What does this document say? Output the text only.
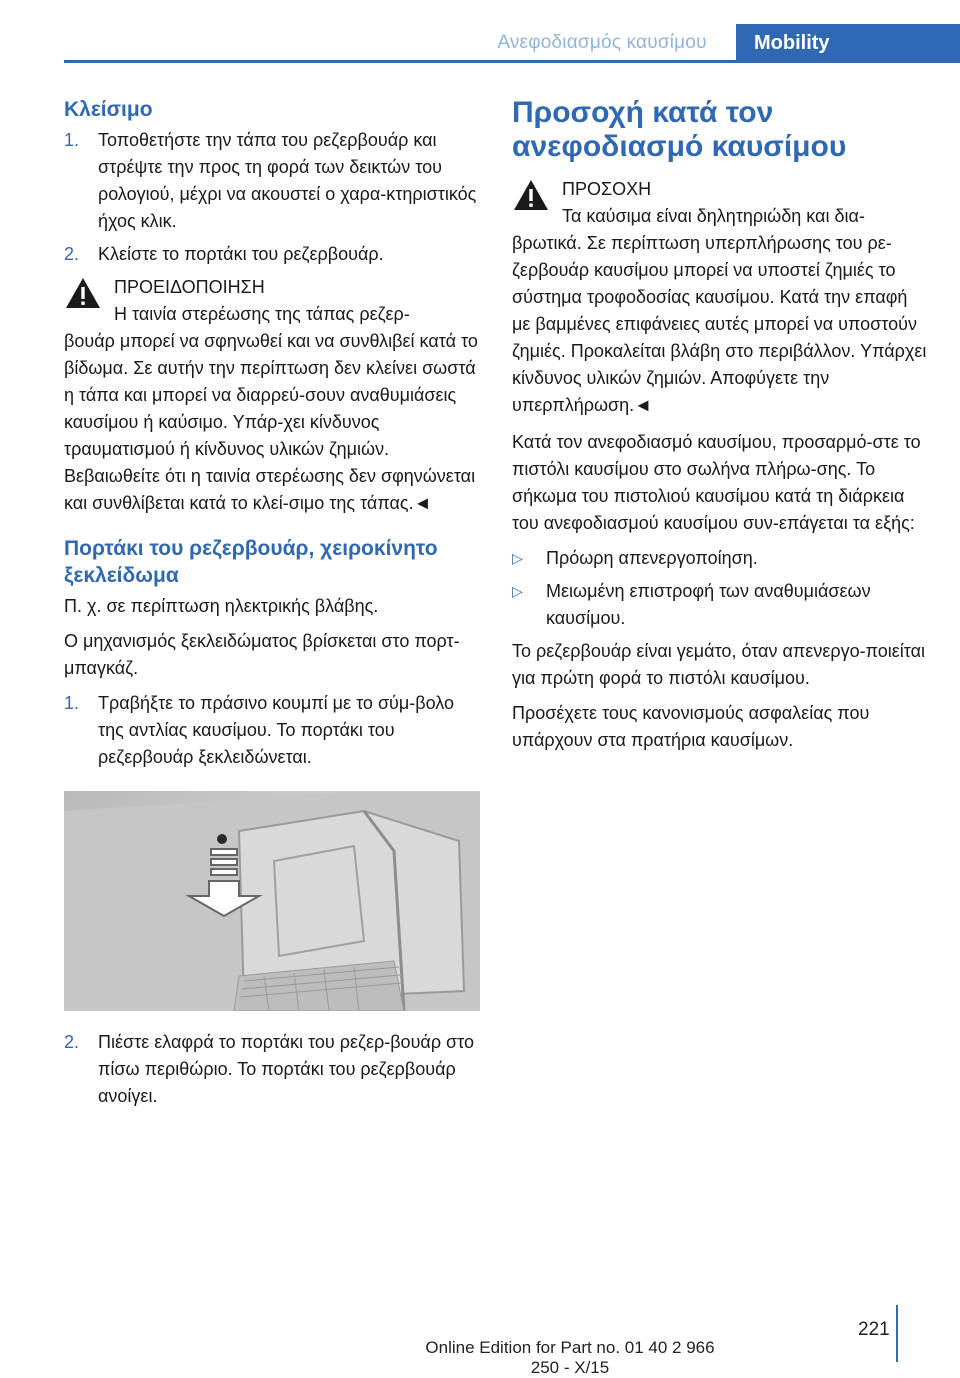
Ανεφοδιασμός καυσίμου	Mobility
Κλείσιμο
1.	Τοποθετήστε την τάπα του ρεζερβουάρ και στρέψτε την προς τη φορά των δεικτών του ρολογιού, μέχρι να ακουστεί ο χαρα‐κτηριστικός ήχος κλικ.
2.	Κλείστε το πορτάκι του ρεζερβουάρ.
ΠΡΟΕΙΔΟΠΟΙΗΣΗ
Η ταινία στερέωσης της τάπας ρεζερ‐
βουάρ μπορεί να σφηνωθεί και να συνθλιβεί κατά το βίδωμα. Σε αυτήν την περίπτωση δεν κλείνει σωστά η τάπα και μπορεί να διαρρεύ‐σουν αναθυμιάσεις καυσίμου ή καύσιμο. Υπάρ‐χει κίνδυνος τραυματισμού ή κίνδυνος υλικών ζημιών. Βεβαιωθείτε ότι η ταινία στερέωσης δεν σφηνώνεται και συνθλίβεται κατά το κλεί‐σιμο της τάπας.◄
Πορτάκι του ρεζερβουάρ, χειροκίνητο ξεκλείδωμα
Π. χ. σε περίπτωση ηλεκτρικής βλάβης.
Ο μηχανισμός ξεκλειδώματος βρίσκεται στο πορτ-μπαγκάζ.
1.	Τραβήξτε το πράσινο κουμπί με το σύμ‐βολο της αντλίας καυσίμου. Το πορτάκι του ρεζερβουάρ ξεκλειδώνεται.
2.	Πιέστε ελαφρά το πορτάκι του ρεζερ‐βουάρ στο πίσω περιθώριο. Το πορτάκι του ρεζερβουάρ ανοίγει.
Προσοχή κατά τον ανεφοδιασμό καυσίμου
ΠΡΟΣΟΧΗ
Τα καύσιμα είναι δηλητηριώδη και δια‐
βρωτικά. Σε περίπτωση υπερπλήρωσης του ρε‐ζερβουάρ καυσίμου μπορεί να υποστεί ζημιές το σύστημα τροφοδοσίας καυσίμου. Κατά την επαφή με βαμμένες επιφάνειες αυτές μπορεί να υποστούν ζημιές. Προκαλείται βλάβη στο περιβάλλον. Υπάρχει κίνδυνος υλικών ζημιών. Αποφύγετε την υπερπλήρωση.◄
Κατά τον ανεφοδιασμό καυσίμου, προσαρμό‐στε το πιστόλι καυσίμου στο σωλήνα πλήρω‐σης. Το σήκωμα του πιστολιού καυσίμου κατά τη διάρκεια του ανεφοδιασμού καυσίμου συν‐επάγεται τα εξής:
▷	Πρόωρη απενεργοποίηση.
▷	Μειωμένη επιστροφή των αναθυμιάσεων καυσίμου.
Το ρεζερβουάρ είναι γεμάτο, όταν απενεργο‐ποιείται για πρώτη φορά το πιστόλι καυσίμου.
Προσέχετε τους κανονισμούς ασφαλείας που υπάρχουν στα πρατήρια καυσίμων.
221
Online Edition for Part no. 01 40 2 966 250 - X/15
